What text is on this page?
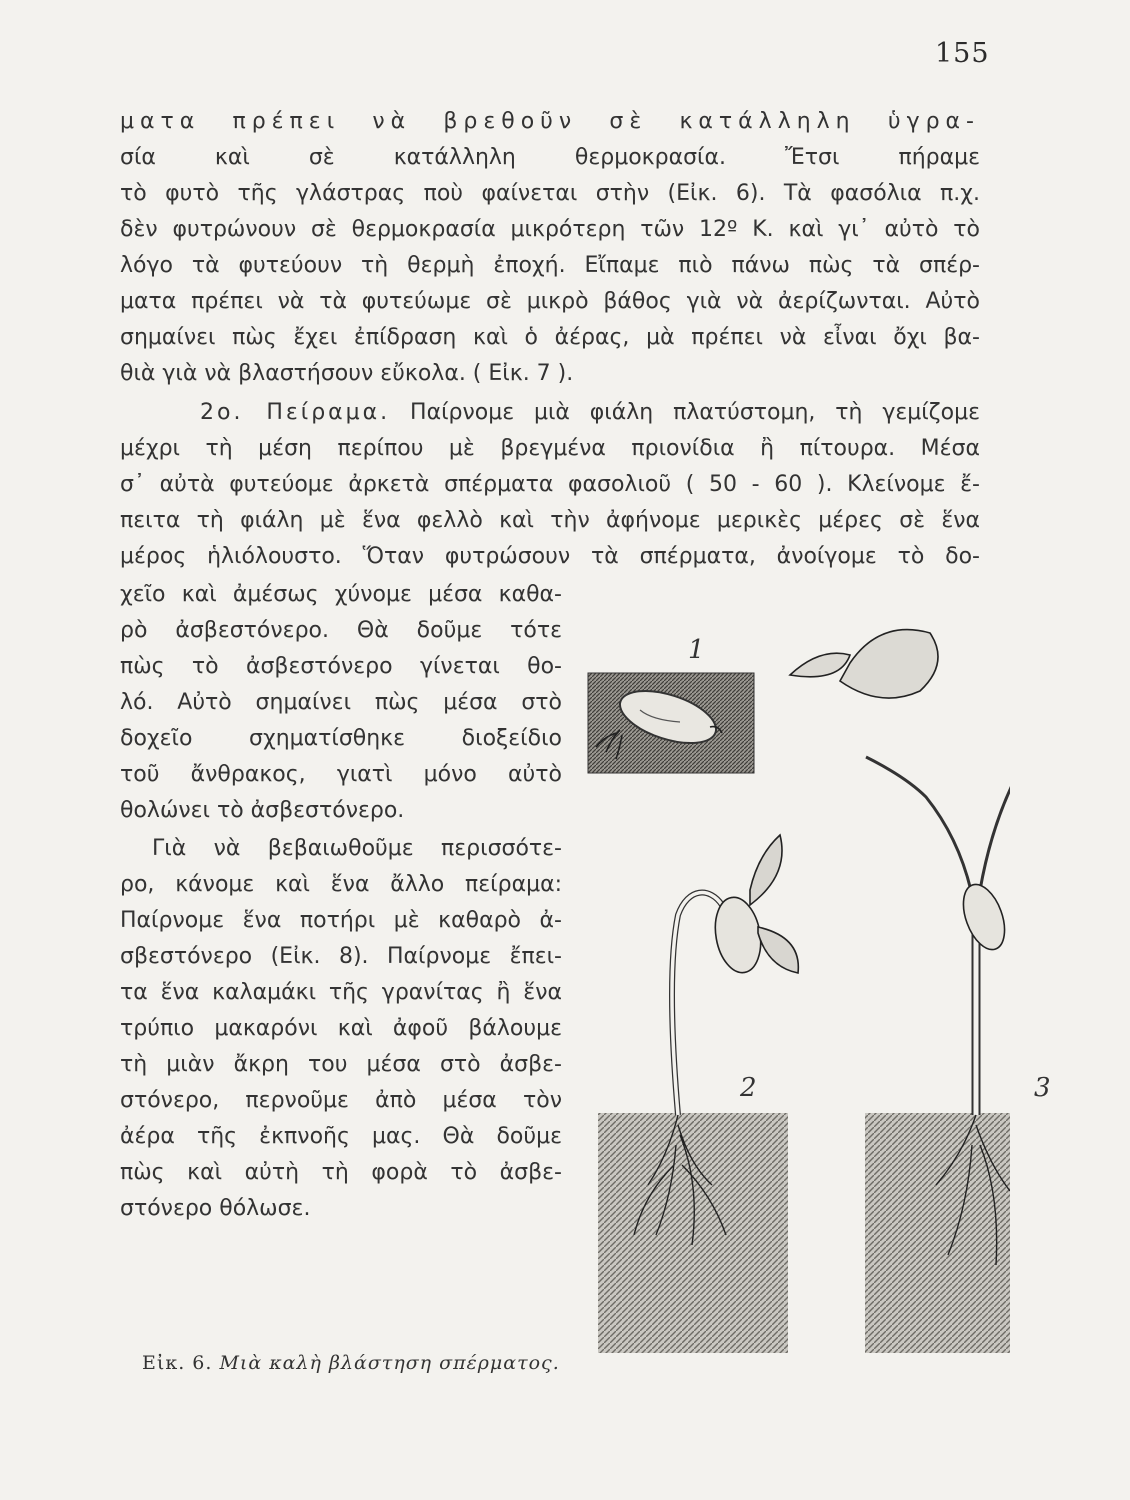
155
ματα πρέπει νὰ βρεθοῦν σὲ κατάλληλη ὑγρα-
σία καὶ σὲ κατάλληλη θερμοκρασία. Ἔτσι πήραμε
τὸ φυτὸ τῆς γλάστρας ποὺ φαίνεται στὴν (Εἰκ. 6). Τὰ φασόλια π.χ.
δὲν φυτρώνουν σὲ θερμοκρασία μικρότερη τῶν 12º Κ. καὶ γι᾽ αὐτὸ τὸ
λόγο τὰ φυτεύουν τὴ θερμὴ ἐποχή. Εἴπαμε πιὸ πάνω πὼς τὰ σπέρ-
ματα πρέπει νὰ τὰ φυτεύωμε σὲ μικρὸ βάθος γιὰ νὰ ἀερίζωνται. Αὐτὸ
σημαίνει πὼς ἔχει ἐπίδραση καὶ ὁ ἀέρας, μὰ πρέπει νὰ εἶναι ὄχι βα-
θιὰ γιὰ νὰ βλαστήσουν εὔκολα. ( Εἰκ. 7 ).
2ο. Πείραμα. Παίρνομε μιὰ φιάλη πλατύστομη, τὴ γεμίζομε
μέχρι τὴ μέση περίπου μὲ βρεγμένα πριονίδια ἢ πίτουρα. Μέσα
σ᾽ αὐτὰ φυτεύομε ἀρκετὰ σπέρματα φασολιοῦ ( 50 - 60 ). Κλείνομε ἔ-
πειτα τὴ φιάλη μὲ ἕνα φελλὸ καὶ τὴν ἀφήνομε μερικὲς μέρες σὲ ἕνα
μέρος ἡλιόλουστο. Ὅταν φυτρώσουν τὰ σπέρματα, ἀνοίγομε τὸ δο-
χεῖο καὶ ἀμέσως χύνομε μέσα καθα-
ρὸ ἀσβεστόνερο. Θὰ δοῦμε τότε
πὼς τὸ ἀσβεστόνερο γίνεται θο-
λό. Αὐτὸ σημαίνει πὼς μέσα στὸ
δοχεῖο σχηματίσθηκε διοξείδιο
τοῦ ἄνθρακος, γιατὶ μόνο αὐτὸ
θολώνει τὸ ἀσβεστόνερο.
Γιὰ νὰ βεβαιωθοῦμε περισσότε-
ρο, κάνομε καὶ ἕνα ἄλλο πείραμα:
Παίρνομε ἕνα ποτήρι μὲ καθαρὸ ἀ-
σβεστόνερο (Εἰκ. 8). Παίρνομε ἔπει-
τα ἕνα καλαμάκι τῆς γρανίτας ἢ ἕνα
τρύπιο μακαρόνι καὶ ἀφοῦ βάλουμε
τὴ μιὰν ἄκρη του μέσα στὸ ἀσβε-
στόνερο, περνοῦμε ἀπὸ μέσα τὸν
ἀέρα τῆς ἐκπνοῆς μας. Θὰ δοῦμε
πὼς καὶ αὐτὴ τὴ φορὰ τὸ ἀσβε-
στόνερο θόλωσε.
1
2	3
Εἰκ. 6. Μιὰ καλὴ βλάστηση σπέρματος.
